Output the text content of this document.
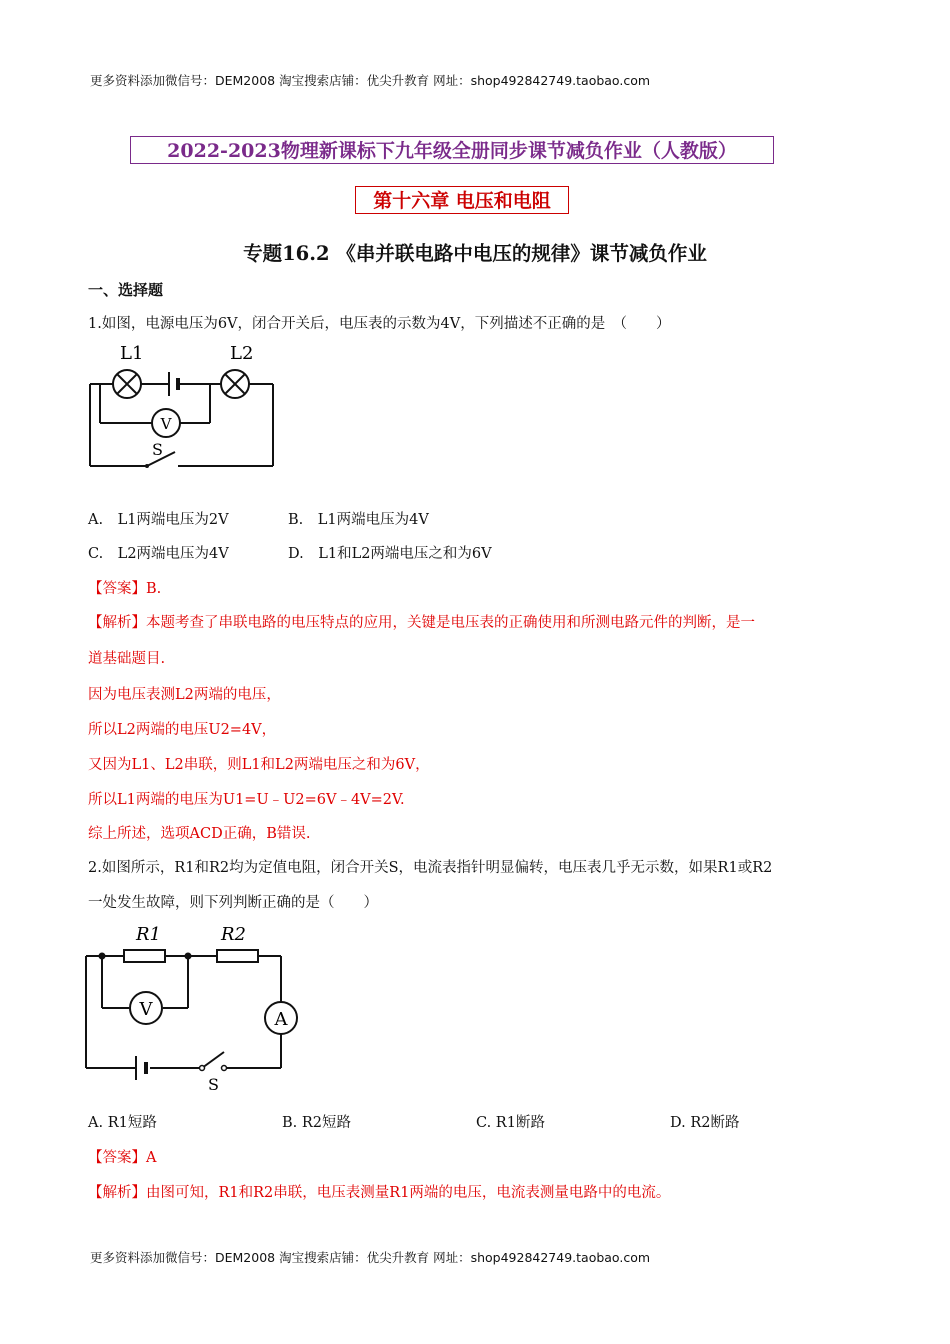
更多资料添加微信号：DEM2008 淘宝搜索店铺：优尖升教育 网址：shop492842749.taobao.com
更多资料添加微信号：DEM2008 淘宝搜索店铺：优尖升教育 网址：shop492842749.taobao.com
2022-2023物理新课标下九年级全册同步课节减负作业（人教版）
第十六章 电压和电阻
专题16.2 《串并联电路中电压的规律》课节减负作业
一、选择题
1.如图，电源电压为6V，闭合开关后，电压表的示数为4V，下列描述不正确的是　（　　）
V
L1	L2
S
A.　L1两端电压为2V	B.　L1两端电压为4V
C.　L2两端电压为4V	D.　L1和L2两端电压之和为6V
【答案】B.
【解析】本题考查了串联电路的电压特点的应用，关键是电压表的正确使用和所测电路元件的判断，是一
道基础题目.
因为电压表测L2两端的电压，
所以L2两端的电压U2=4V，
又因为L1、L2串联，则L1和L2两端电压之和为6V，
所以L1两端的电压为U1=U﹣U2=6V﹣4V=2V.
综上所述，选项ACD正确，B错误.
2.如图所示，R1和R2均为定值电阻，闭合开关S，电流表指针明显偏转，电压表几乎无示数，如果R1或R2
一处发生故障，则下列判断正确的是（　　）
V	A
R1	R2
S
A. R1短路	B. R2短路	C. R1断路	D. R2断路
【答案】A
【解析】由图可知，R1和R2串联，电压表测量R1两端的电压，电流表测量电路中的电流。
